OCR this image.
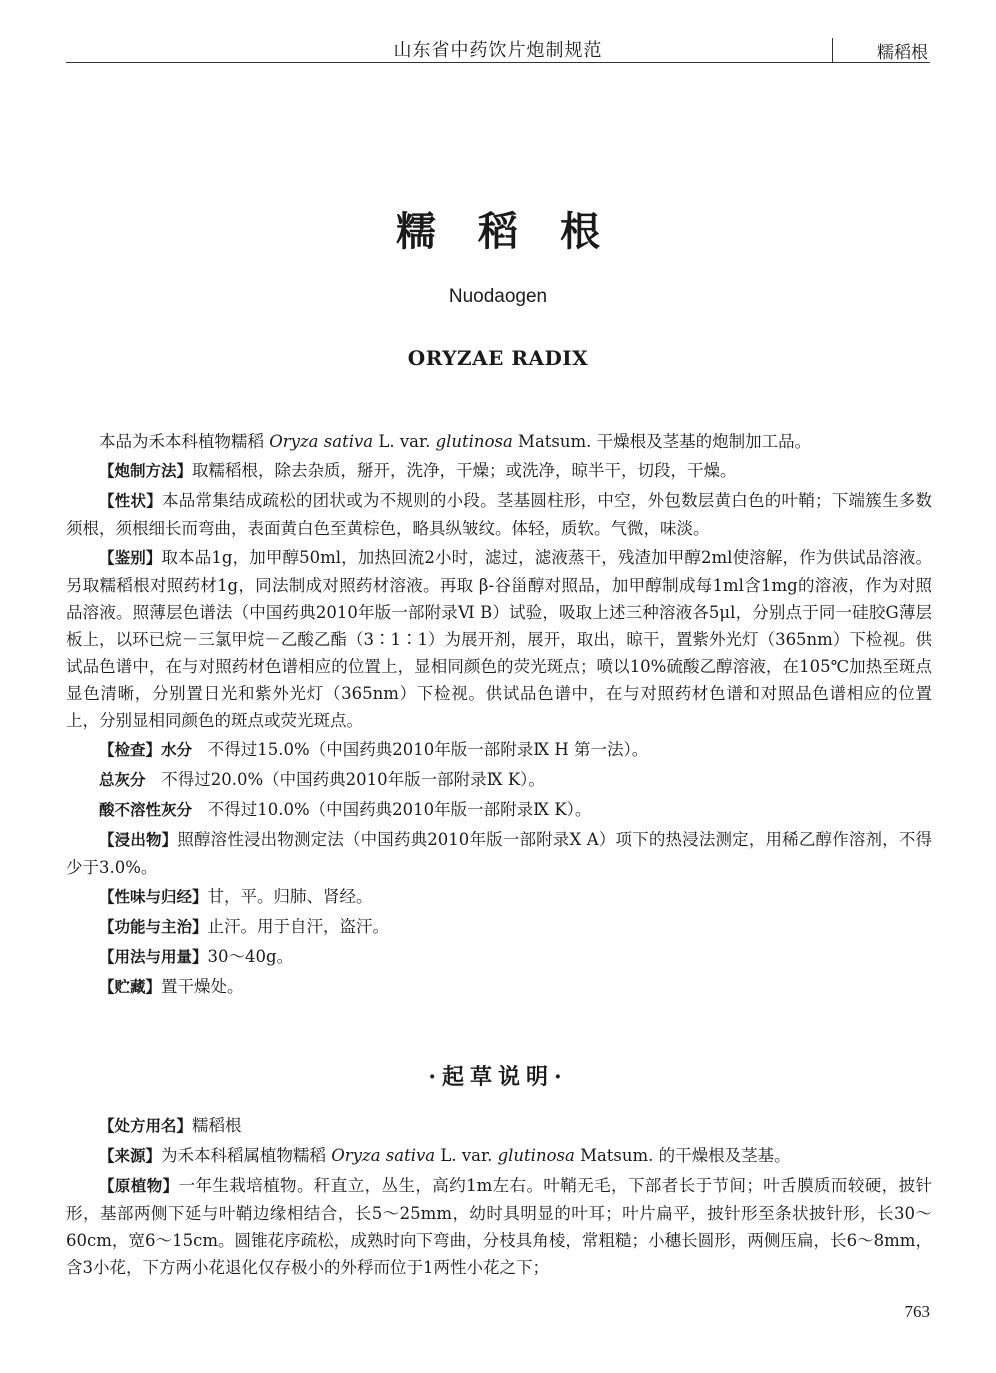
山东省中药饮片炮制规范	糯稻根
糯稻根
Nuodaogen
ORYZAE RADIX

本品为禾本科植物糯稻 Oryza sativa L. var. glutinosa Matsum. 干燥根及茎基的炮制加工品。

【炮制方法】取糯稻根，除去杂质，掰开，洗净，干燥；或洗净，晾半干，切段，干燥。

【性状】本品常集结成疏松的团状或为不规则的小段。茎基圆柱形，中空，外包数层黄白色的叶鞘；下端簇生多数须根，须根细长而弯曲，表面黄白色至黄棕色，略具纵皱纹。体轻，质软。气微，味淡。

【鉴别】取本品1g，加甲醇50ml，加热回流2小时，滤过，滤液蒸干，残渣加甲醇2ml使溶解，作为供试品溶液。另取糯稻根对照药材1g，同法制成对照药材溶液。再取 β-谷甾醇对照品，加甲醇制成每1ml含1mg的溶液，作为对照品溶液。照薄层色谱法（中国药典2010年版一部附录Ⅵ B）试验，吸取上述三种溶液各5μl，分别点于同一硅胶G薄层板上，以环已烷－三氯甲烷－乙酸乙酯（3∶1∶1）为展开剂，展开，取出，晾干，置紫外光灯（365nm）下检视。供试品色谱中，在与对照药材色谱相应的位置上，显相同颜色的荧光斑点；喷以10%硫酸乙醇溶液，在105℃加热至斑点显色清晰，分别置日光和紫外光灯（365nm）下检视。供试品色谱中，在与对照药材色谱和对照品色谱相应的位置上，分别显相同颜色的斑点或荧光斑点。

【检查】水分 不得过15.0%（中国药典2010年版一部附录Ⅸ H 第一法）。

总灰分 不得过20.0%（中国药典2010年版一部附录Ⅸ K）。

酸不溶性灰分 不得过10.0%（中国药典2010年版一部附录Ⅸ K）。

【浸出物】照醇溶性浸出物测定法（中国药典2010年版一部附录Ⅹ A）项下的热浸法测定，用稀乙醇作溶剂，不得少于3.0%。

【性味与归经】甘，平。归肺、肾经。

【功能与主治】止汗。用于自汗，盗汗。

【用法与用量】30～40g。

【贮藏】置干燥处。

·起草说明·

【处方用名】糯稻根

【来源】为禾本科稻属植物糯稻 Oryza sativa L. var. glutinosa Matsum. 的干燥根及茎基。

【原植物】一年生栽培植物。秆直立，丛生，高约1m左右。叶鞘无毛，下部者长于节间；叶舌膜质而较硬，披针形，基部两侧下延与叶鞘边缘相结合，长5～25mm，幼时具明显的叶耳；叶片扁平，披针形至条状披针形，长30～60cm，宽6～15cm。圆锥花序疏松，成熟时向下弯曲，分枝具角棱，常粗糙；小穗长圆形，两侧压扁，长6～8mm，含3小花，下方两小花退化仅存极小的外稃而位于1两性小花之下；

763
